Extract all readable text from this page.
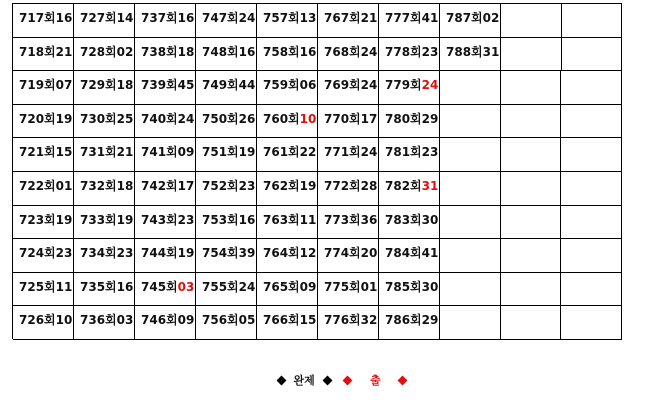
717회 16 727회 14 737회 16 747회 24 757회 13 767회 21 777회 41 787회 02
718회 21 728회 02 738회 18 748회 16 758회 16 768회 24 778회 23 788회 31
719회 07 729회 18 739회 45 749회 44 759회 06 769회 24 779회 24
720회 19 730회 25 740회 24 750회 26 760회 10 770회 17 780회 29
721회 15 731회 21 741회 09 751회 19 761회 22 771회 24 781회 23
722회 01 732회 18 742회 17 752회 23 762회 19 772회 28 782회 31
723회 19 733회 19 743회 23 753회 16 763회 11 773회 36 783회 30
724회 23 734회 23 744회 19 754회 39 764회 12 774회 20 784회 41
725회 11 735회 16 745회 03 755회 24 765회 09 775회 01 785회 30
726회 10 736회 03 746회 09 756회 05 766회 15 776회 32 786회 29
완제	출
